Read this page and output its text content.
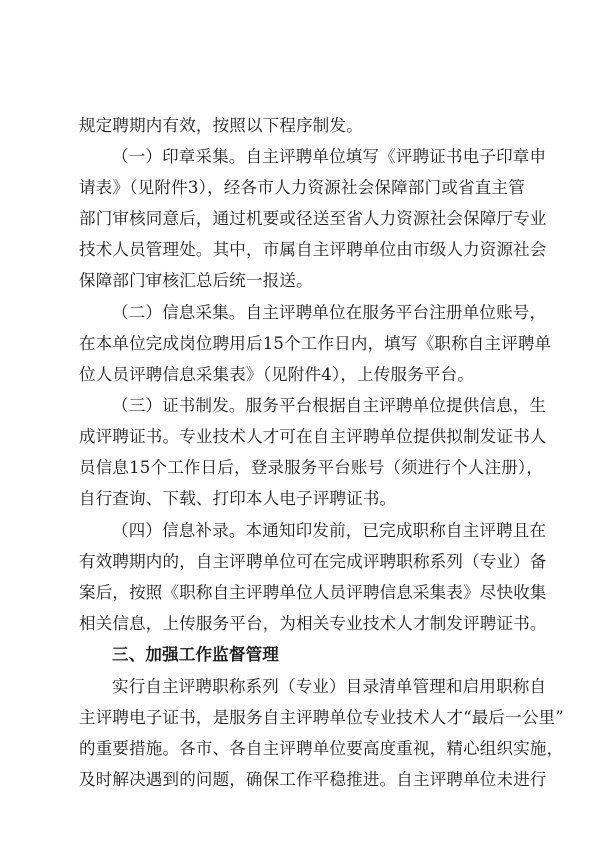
规定聘期内有效，按照以下程序制发。
（一）印章采集。自主评聘单位填写《评聘证书电子印章申
请表》（见附件3），经各市人力资源社会保障部门或省直主管
部门审核同意后，通过机要或径送至省人力资源社会保障厅专业
技术人员管理处。其中，市属自主评聘单位由市级人力资源社会
保障部门审核汇总后统一报送。
（二）信息采集。自主评聘单位在服务平台注册单位账号，
在本单位完成岗位聘用后15个工作日内，填写《职称自主评聘单
位人员评聘信息采集表》（见附件4），上传服务平台。
（三）证书制发。服务平台根据自主评聘单位提供信息，生
成评聘证书。专业技术人才可在自主评聘单位提供拟制发证书人
员信息15个工作日后，登录服务平台账号（须进行个人注册），
自行查询、下载、打印本人电子评聘证书。
（四）信息补录。本通知印发前，已完成职称自主评聘且在
有效聘期内的，自主评聘单位可在完成评聘职称系列（专业）备
案后，按照《职称自主评聘单位人员评聘信息采集表》尽快收集
相关信息，上传服务平台，为相关专业技术人才制发评聘证书。
三、加强工作监督管理
实行自主评聘职称系列（专业）目录清单管理和启用职称自
主评聘电子证书，是服务自主评聘单位专业技术人才“最后一公里”
的重要措施。各市、各自主评聘单位要高度重视，精心组织实施，
及时解决遇到的问题，确保工作平稳推进。自主评聘单位未进行
